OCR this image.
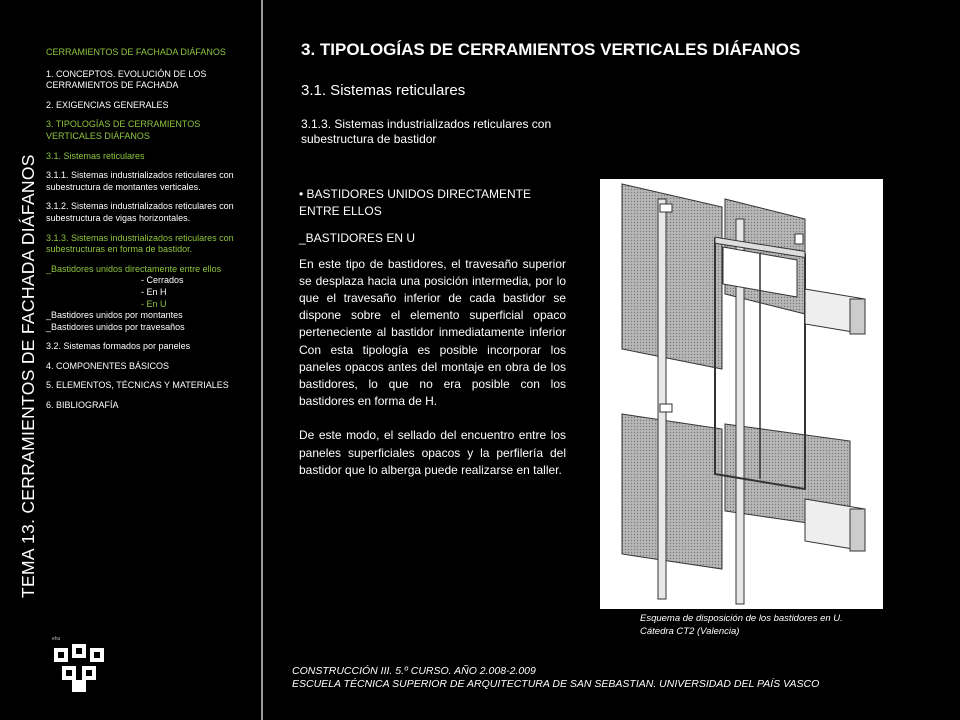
TEMA 13. CERRAMIENTOS DE FACHADA DIÁFANOS
CERRAMIENTOS DE FACHADA DIÁFANOS
1. CONCEPTOS. EVOLUCIÓN DE LOS CERRAMIENTOS DE FACHADA
2. EXIGENCIAS GENERALES
3. TIPOLOGÍAS DE CERRAMIENTOS VERTICALES DIÁFANOS
3.1. Sistemas reticulares
3.1.1. Sistemas industrializados reticulares con subestructura de montantes verticales.
3.1.2. Sistemas industrializados reticulares con subestructura de vigas horizontales.
3.1.3. Sistemas industrializados reticulares con subestructuras en forma de bastidor.
_Bastidores unidos directamente entre ellos
- Cerrados
- En H
- En U
_Bastidores unidos por montantes
_Bastidores unidos por travesaños
3.2. Sistemas formados por paneles
4. COMPONENTES BÁSICOS
5. ELEMENTOS, TÉCNICAS Y MATERIALES
6. BIBLIOGRAFÍA
ehu
3. TIPOLOGÍAS DE CERRAMIENTOS VERTICALES DIÁFANOS
3.1. Sistemas reticulares
3.1.3. Sistemas industrializados reticulares con subestructura de bastidor

• BASTIDORES UNIDOS DIRECTAMENTE ENTRE ELLOS

_BASTIDORES EN U

En este tipo de bastidores, el travesaño superior se desplaza hacia una posición intermedia, por lo que el travesaño inferior de cada bastidor se dispone sobre el elemento superficial opaco perteneciente al bastidor inmediatamente inferior Con esta tipología es posible incorporar los paneles opacos antes del montaje en obra de los bastidores, lo que no era posible con los bastidores en forma de H.

De este modo, el sellado del encuentro entre los paneles superficiales opacos y la perfilería del bastidor que lo alberga puede realizarse en taller.

Esquema de disposición de los bastidores en U.
Cátedra CT2 (Valencia)
CONSTRUCCIÓN III. 5.º CURSO. AÑO 2.008-2.009
ESCUELA TÉCNICA SUPERIOR DE ARQUITECTURA DE SAN SEBASTIAN. UNIVERSIDAD DEL PAÍS VASCO
